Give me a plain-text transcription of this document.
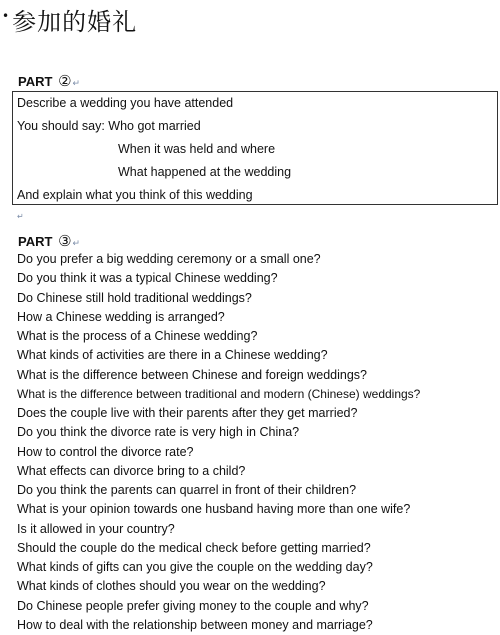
• 参加的婚礼
PART ②↵
Describe a wedding you have attended
You should say: Who got married
When it was held and where
What happened at the wedding
And explain what you think of this wedding
↵
PART ③↵
Do you prefer a big wedding ceremony or a small one?
Do you think it was a typical Chinese wedding?
Do Chinese still hold traditional weddings?
How a Chinese wedding is arranged?
What is the process of a Chinese wedding?
What kinds of activities are there in a Chinese wedding?
What is the difference between Chinese and foreign weddings?
What is the difference between traditional and modern (Chinese) weddings?
Does the couple live with their parents after they get married?
Do you think the divorce rate is very high in China?
How to control the divorce rate?
What effects can divorce bring to a child?
Do you think the parents can quarrel in front of their children?
What is your opinion towards one husband having more than one wife?
Is it allowed in your country?
Should the couple do the medical check before getting married?
What kinds of gifts can you give the couple on the wedding day?
What kinds of clothes should you wear on the wedding?
Do Chinese people prefer giving money to the couple and why?
How to deal with the relationship between money and marriage?
